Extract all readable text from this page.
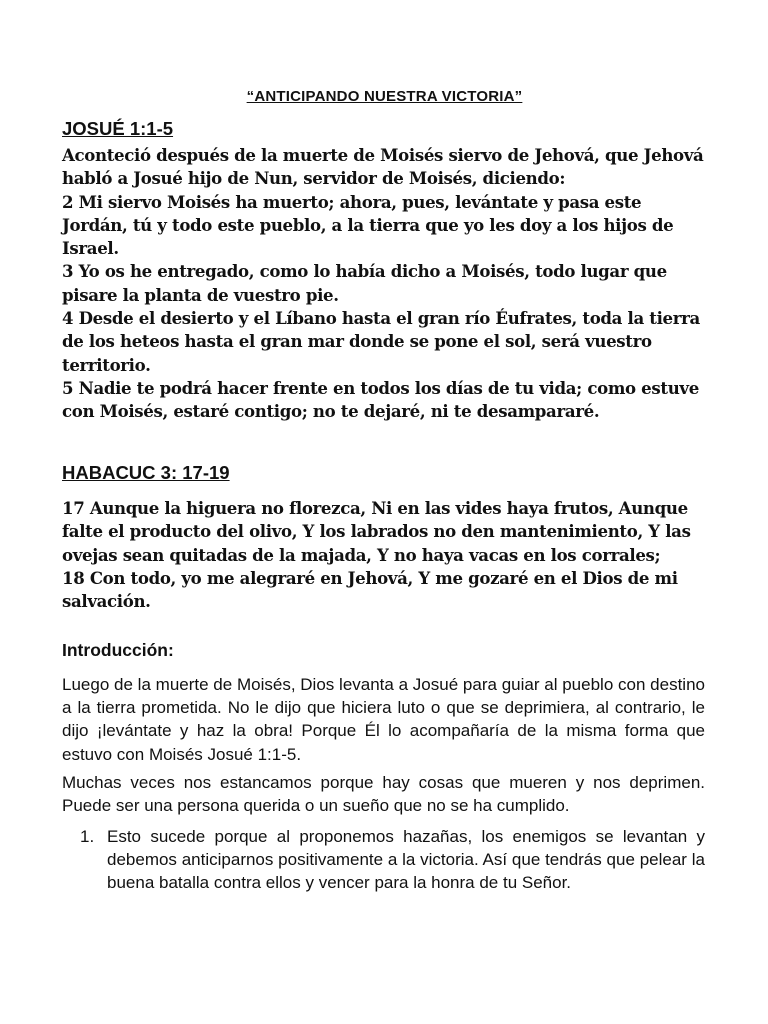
“ANTICIPANDO NUESTRA VICTORIA”
JOSUÉ 1:1-5

Aconteció después de la muerte de Moisés siervo de Jehová, que Jehová habló a Josué hijo de Nun, servidor de Moisés, diciendo:

2 Mi siervo Moisés ha muerto; ahora, pues, levántate y pasa este Jordán, tú y todo este pueblo, a la tierra que yo les doy a los hijos de Israel.

3 Yo os he entregado, como lo había dicho a Moisés, todo lugar que pisare la planta de vuestro pie.

4 Desde el desierto y el Líbano hasta el gran río Éufrates, toda la tierra de los heteos hasta el gran mar donde se pone el sol, será vuestro territorio.

5 Nadie te podrá hacer frente en todos los días de tu vida; como estuve con Moisés, estaré contigo; no te dejaré, ni te desampararé.

HABACUC 3: 17-19

17 Aunque la higuera no florezca, Ni en las vides haya frutos, Aunque falte el producto del olivo, Y los labrados no den mantenimiento, Y las ovejas sean quitadas de la majada, Y no haya vacas en los corrales;

18 Con todo, yo me alegraré en Jehová, Y me gozaré en el Dios de mi salvación.

Introducción:
Luego de la muerte de Moisés, Dios levanta a Josué para guiar al pueblo con destino a la tierra prometida. No le dijo que hiciera luto o que se deprimiera, al contrario, le dijo ¡levántate y haz la obra! Porque Él lo acompañaría de la misma forma que estuvo con Moisés Josué 1:1-5.
Muchas veces nos estancamos porque hay cosas que mueren y nos deprimen. Puede ser una persona querida o un sueño que no se ha cumplido.
1. Esto sucede porque al proponemos hazañas, los enemigos se levantan y debemos anticiparnos positivamente a la victoria. Así que tendrás que pelear la buena batalla contra ellos y vencer para la honra de tu Señor.
